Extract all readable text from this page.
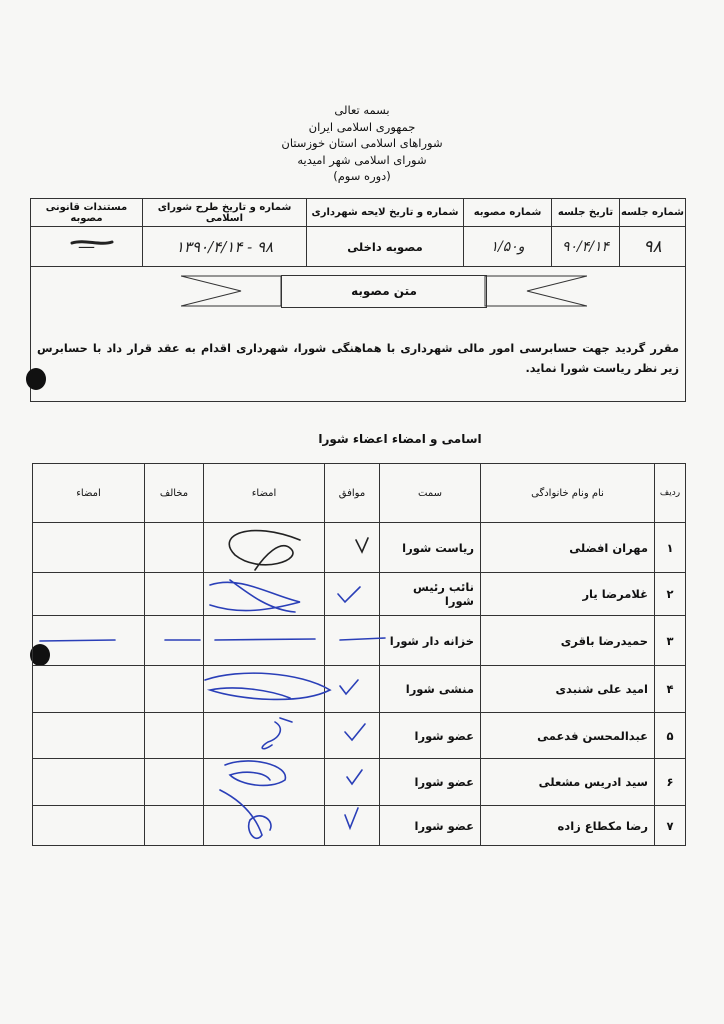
بسمه تعالی
جمهوری اسلامی ایران
شوراهای اسلامی استان خوزستان
شورای اسلامی شهر امیدیه
(دوره سوم)
شماره جلسه	تاریخ جلسه	شماره مصوبه	شماره و تاریخ لایحه شهرداری	شماره و تاریخ طرح شورای اسلامی	مستندات قانونی مصوبه
۹۸	۹۰/۴/۱۴	و۱/۵۰	مصوبه داخلی	۹۸ - ۱۳۹۰/۴/۱۴	—
متن مصوبه
مقرر گردید جهت حسابرسی امور مالی شهرداری با هماهنگی شورا، شهرداری اقدام به عقد قرار داد با حسابرس زیر نظر ریاست شورا نماید.
اسامی و امضاء اعضاء شورا
ردیف	نام ونام خانوادگی	سمت	موافق	امضاء	مخالف	امضاء
۱	مهران افضلی	ریاست شورا				
۲	غلامرضا یار	نائب رئیس شورا				
۳	حمیدرضا باقری	خزانه دار شورا				
۴	امید علی شنبدی	منشی شورا				
۵	عبدالمحسن فدعمی	عضو شورا				
۶	سید ادریس مشعلی	عضو شورا				
۷	رضا مکطاع زاده	عضو شورا				
